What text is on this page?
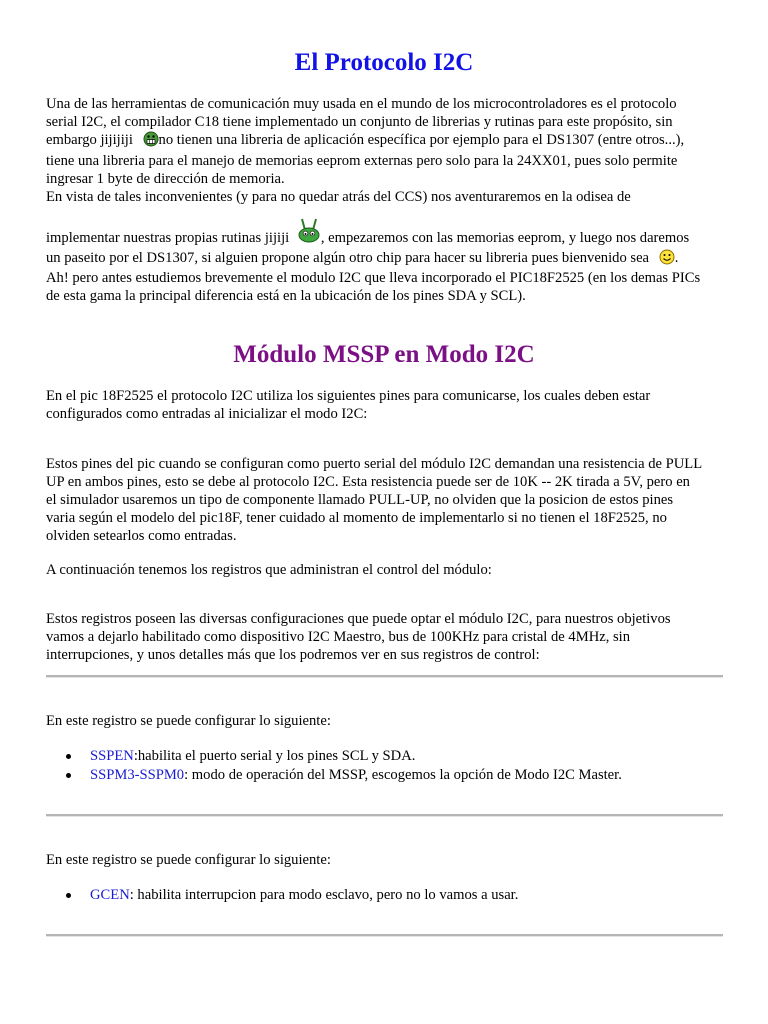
El Protocolo I2C
Una de las herramientas de comunicación muy usada en el mundo de los microcontroladores es el protocolo
serial I2C, el compilador C18 tiene implementado un conjunto de librerias y rutinas para este propósito, sin
embargo jijijiji no tienen una libreria de aplicación específica por ejemplo para el DS1307 (entre otros...),
tiene una libreria para el manejo de memorias eeprom externas pero solo para la 24XX01, pues solo permite
ingresar 1 byte de dirección de memoria.
En vista de tales inconvenientes (y para no quedar atrás del CCS) nos aventuraremos en la odisea de
implementar nuestras propias rutinas jijiji , empezaremos con las memorias eeprom, y luego nos daremos
un paseito por el DS1307, si alguien propone algún otro chip para hacer su libreria pues bienvenido sea .
Ah! pero antes estudiemos brevemente el modulo I2C que lleva incorporado el PIC18F2525 (en los demas PICs
de esta gama la principal diferencia está en la ubicación de los pines SDA y SCL).
Módulo MSSP en Modo I2C
En el pic 18F2525 el protocolo I2C utiliza los siguientes pines para comunicarse, los cuales deben estar
configurados como entradas al inicializar el modo I2C:
Estos pines del pic cuando se configuran como puerto serial del módulo I2C demandan una resistencia de PULL
UP en ambos pines, esto se debe al protocolo I2C. Esta resistencia puede ser de 10K -- 2K tirada a 5V, pero en
el simulador usaremos un tipo de componente llamado PULL-UP, no olviden que la posicion de estos pines
varia según el modelo del pic18F, tener cuidado al momento de implementarlo si no tienen el 18F2525, no
olviden setearlos como entradas.
A continuación tenemos los registros que administran el control del módulo:
Estos registros poseen las diversas configuraciones que puede optar el módulo I2C, para nuestros objetivos
vamos a dejarlo habilitado como dispositivo I2C Maestro, bus de 100KHz para cristal de 4MHz, sin
interrupciones, y unos detalles más que los podremos ver en sus registros de control:
En este registro se puede configurar lo siguiente:
SSPEN:habilita el puerto serial y los pines SCL y SDA.
SSPM3-SSPM0: modo de operación del MSSP, escogemos la opción de Modo I2C Master.
En este registro se puede configurar lo siguiente:
GCEN: habilita interrupcion para modo esclavo, pero no lo vamos a usar.
